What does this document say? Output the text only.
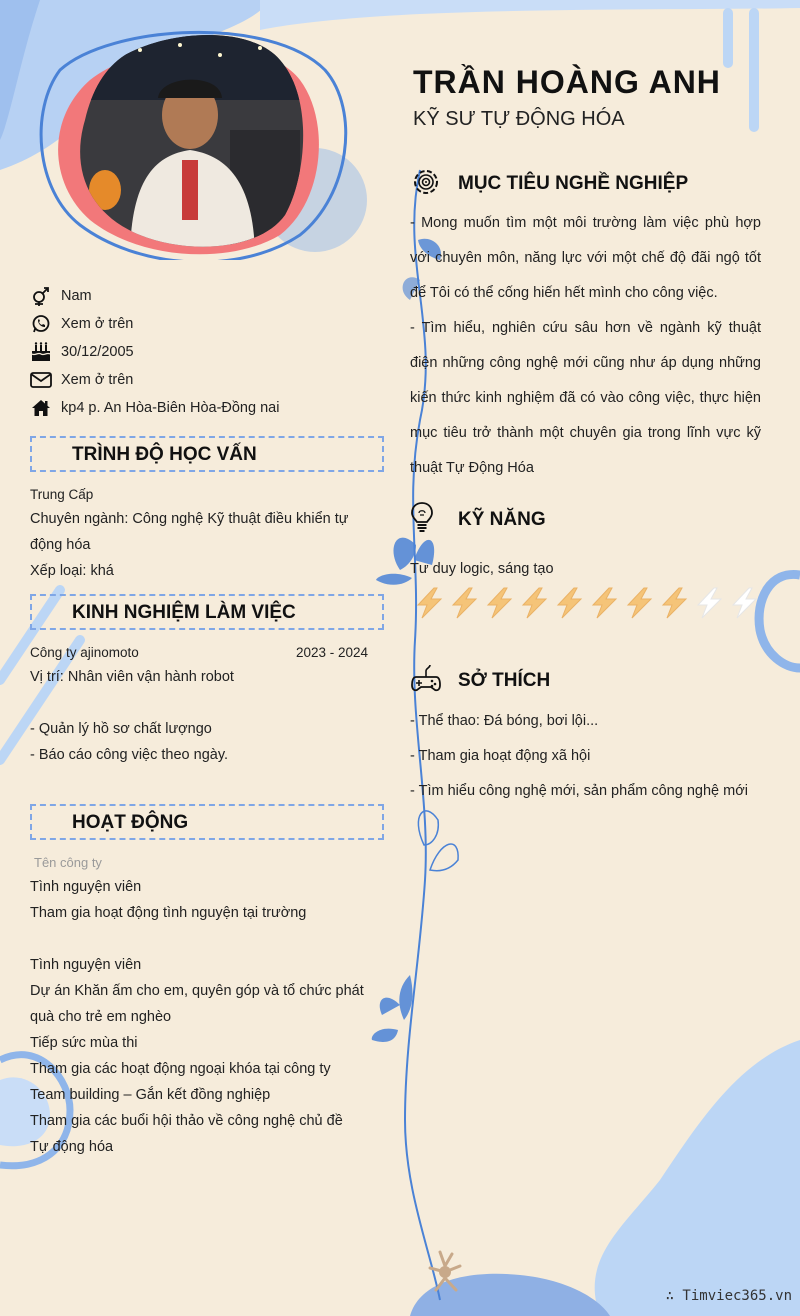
TRẦN HOÀNG ANH
KỸ SƯ TỰ ĐỘNG HÓA
Nam
Xem ở trên
30/12/2005
Xem ở trên
kp4 p. An Hòa-Biên Hòa-Đồng nai
TRÌNH ĐỘ HỌC VẤN
Trung Cấp
Chuyên ngành: Công nghệ Kỹ thuật điều khiển tự
động hóa
Xếp loại: khá
KINH NGHIỆM LÀM VIỆC
Công ty ajinomoto	2023 - 2024
Vị trí: Nhân viên vận hành robot
- Quản lý hồ sơ chất lượngo
- Báo cáo công việc theo ngày.
HOẠT ĐỘNG
Tên công ty
Tình nguyện viên
Tham gia hoạt động tình nguyện tại trường
Tình nguyện viên
Dự án Khăn ấm cho em, quyên góp và tổ chức phát
quà cho trẻ em nghèo
Tiếp sức mùa thi
Tham gia các hoạt động ngoại khóa tại công ty
Team building – Gắn kết đồng nghiệp
Tham gia các buổi hội thảo về công nghệ chủ đề
Tự động hóa
MỤC TIÊU NGHỀ NGHIỆP
- Mong muốn tìm một môi trường làm việc phù hợp với chuyên môn, năng lực với một chế độ đãi ngộ tốt để Tôi có thể cống hiến hết mình cho công việc.
- Tìm hiểu, nghiên cứu sâu hơn về ngành kỹ thuật điện những công nghệ mới cũng như áp dụng những kiến thức kinh nghiệm đã có vào công việc, thực hiện mục tiêu trở thành một chuyên gia trong lĩnh vực kỹ thuật Tự Động Hóa
KỸ NĂNG
Tư duy logic, sáng tạo
SỞ THÍCH
- Thể thao: Đá bóng, bơi lội...
- Tham gia hoạt động xã hội
- Tìm hiểu công nghệ mới, sản phẩm công nghệ mới
∴ Timviec365.vn
